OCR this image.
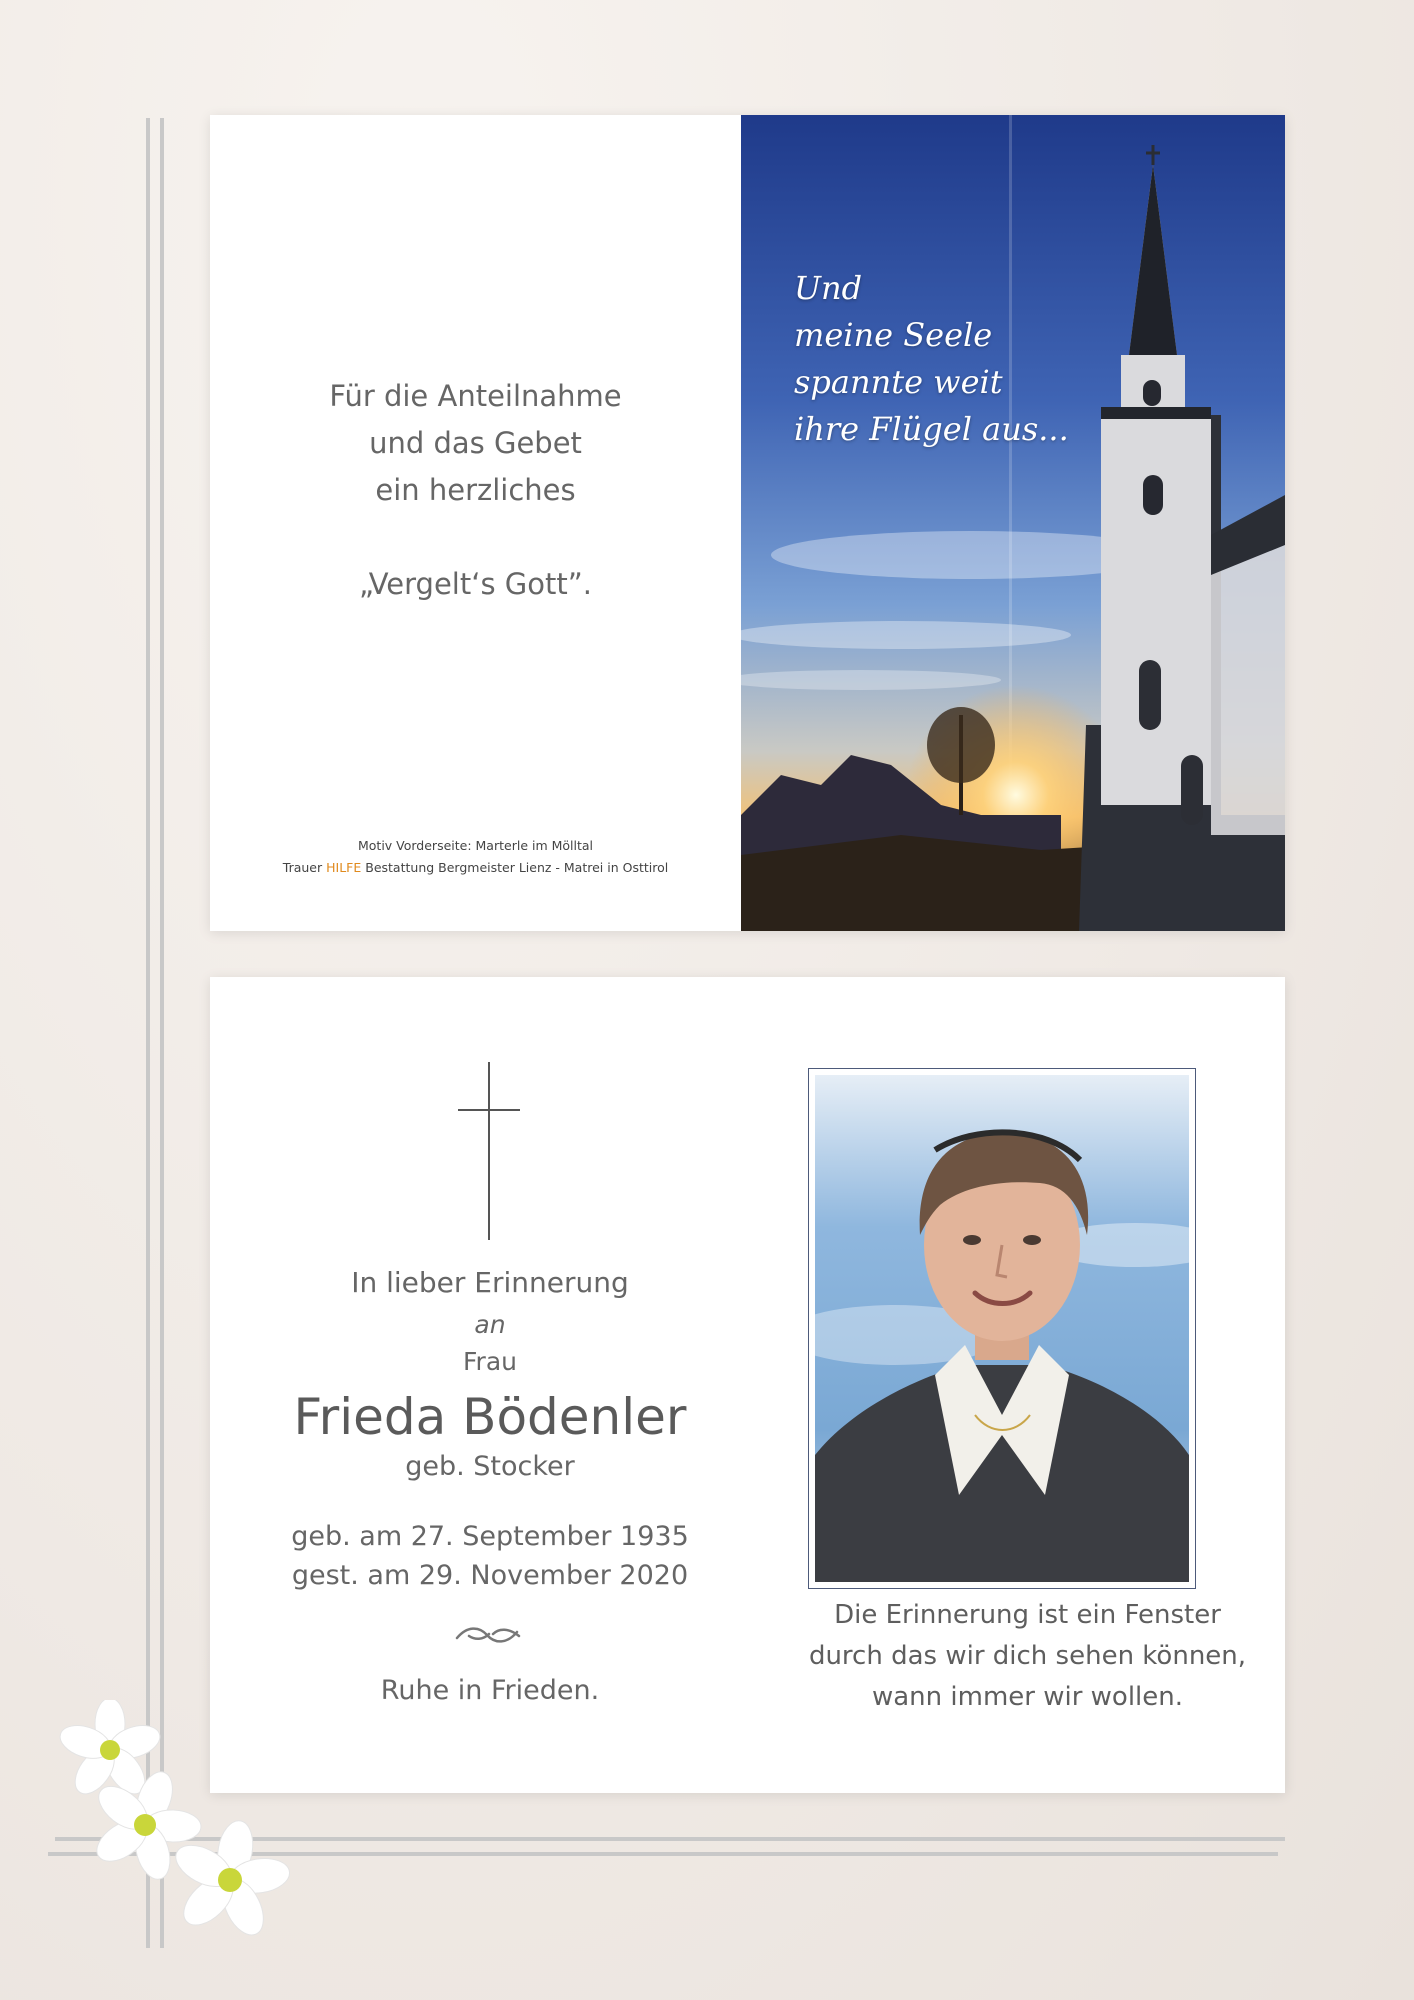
Für die Anteilnahme
und das Gebet
ein herzliches
„Vergelt‘s Gott”.
Motiv Vorderseite: Marterle im Mölltal
Trauer HILFE Bestattung Bergmeister Lienz - Matrei in Osttirol
Und
meine Seele
spannte weit
ihre Flügel aus...
In lieber Erinnerung
an
Frau
Frieda Bödenler
geb. Stocker
geb. am 27. September 1935
gest. am 29. November 2020
Ruhe in Frieden.
Die Erinnerung ist ein Fenster
durch das wir dich sehen können,
wann immer wir wollen.
